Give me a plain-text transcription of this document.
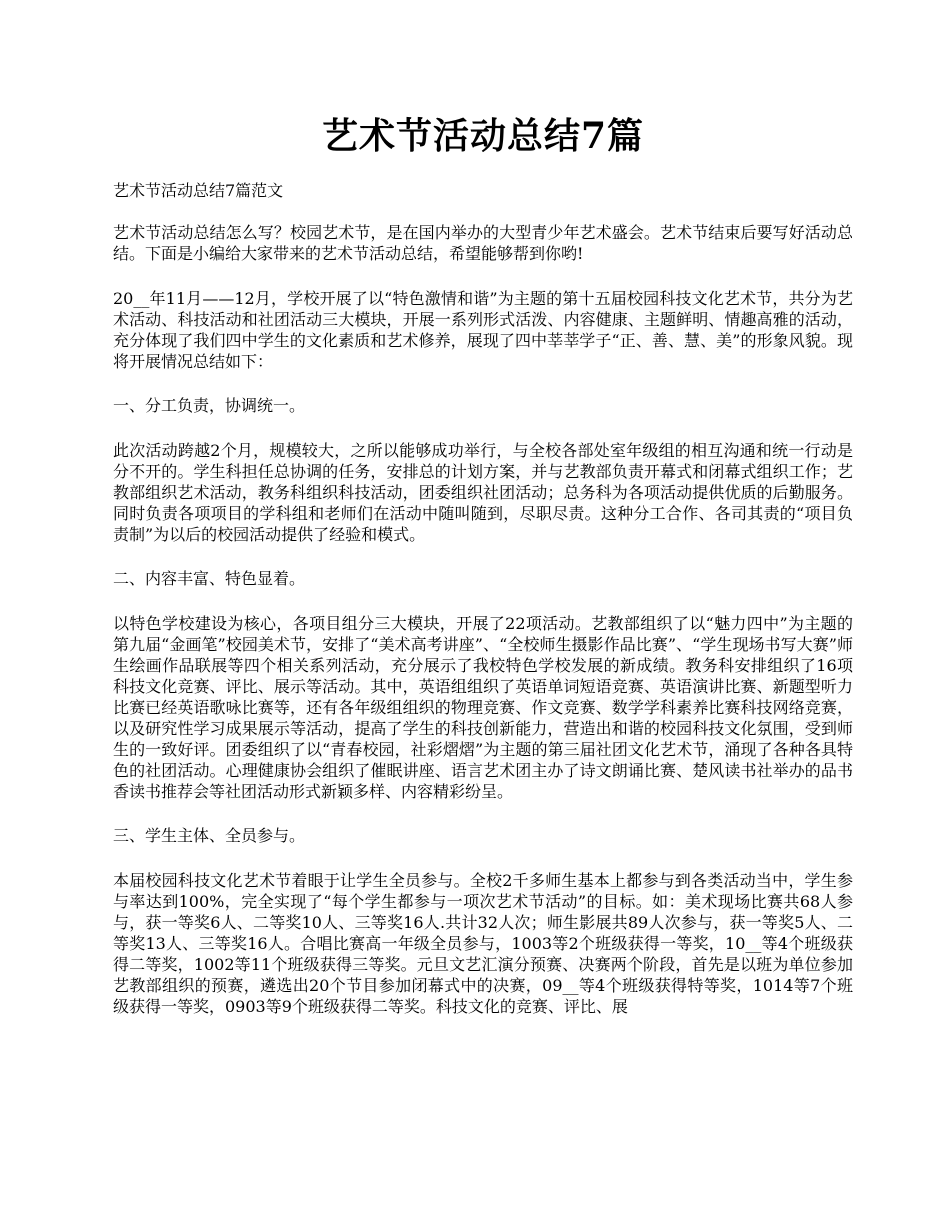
艺术节活动总结7篇

艺术节活动总结7篇范文

艺术节活动总结怎么写？校园艺术节，是在国内举办的大型青少年艺术盛会。艺术节结束后要写好活动总结。下面是小编给大家带来的艺术节活动总结，希望能够帮到你哟!

20__年11月——12月，学校开展了以“特色激情和谐”为主题的第十五届校园科技文化艺术节，共分为艺术活动、科技活动和社团活动三大模块，开展一系列形式活泼、内容健康、主题鲜明、情趣高雅的活动，充分体现了我们四中学生的文化素质和艺术修养，展现了四中莘莘学子“正、善、慧、美”的形象风貌。现将开展情况总结如下：

一、分工负责，协调统一。

此次活动跨越2个月，规模较大，之所以能够成功举行，与全校各部处室年级组的相互沟通和统一行动是分不开的。学生科担任总协调的任务，安排总的计划方案，并与艺教部负责开幕式和闭幕式组织工作；艺教部组织艺术活动，教务科组织科技活动，团委组织社团活动；总务科为各项活动提供优质的后勤服务。同时负责各项项目的学科组和老师们在活动中随叫随到，尽职尽责。这种分工合作、各司其责的“项目负责制”为以后的校园活动提供了经验和模式。

二、内容丰富、特色显着。

以特色学校建设为核心，各项目组分三大模块，开展了22项活动。艺教部组织了以“魅力四中”为主题的第九届“金画笔”校园美术节，安排了“美术高考讲座”、“全校师生摄影作品比赛”、“学生现场书写大赛”师生绘画作品联展等四个相关系列活动，充分展示了我校特色学校发展的新成绩。教务科安排组织了16项科技文化竞赛、评比、展示等活动。其中，英语组组织了英语单词短语竞赛、英语演讲比赛、新题型听力比赛已经英语歌咏比赛等，还有各年级组组织的物理竞赛、作文竞赛、数学学科素养比赛科技网络竞赛，以及研究性学习成果展示等活动，提高了学生的科技创新能力，营造出和谐的校园科技文化氛围，受到师生的一致好评。团委组织了以“青春校园，社彩熠熠”为主题的第三届社团文化艺术节，涌现了各种各具特色的社团活动。心理健康协会组织了催眠讲座、语言艺术团主办了诗文朗诵比赛、楚风读书社举办的品书香读书推荐会等社团活动形式新颖多样、内容精彩纷呈。

三、学生主体、全员参与。

本届校园科技文化艺术节着眼于让学生全员参与。全校2千多师生基本上都参与到各类活动当中，学生参与率达到100%，完全实现了“每个学生都参与一项次艺术节活动”的目标。如：美术现场比赛共68人参与，获一等奖6人、二等奖10人、三等奖16人.共计32人次；师生影展共89人次参与，获一等奖5人、二等奖13人、三等奖16人。合唱比赛高一年级全员参与，1003等2个班级获得一等奖，10__等4个班级获得二等奖，1002等11个班级获得三等奖。元旦文艺汇演分预赛、决赛两个阶段，首先是以班为单位参加艺教部组织的预赛，遴选出20个节目参加闭幕式中的决赛，09__等4个班级获得特等奖，1014等7个班级获得一等奖，0903等9个班级获得二等奖。科技文化的竞赛、评比、展
